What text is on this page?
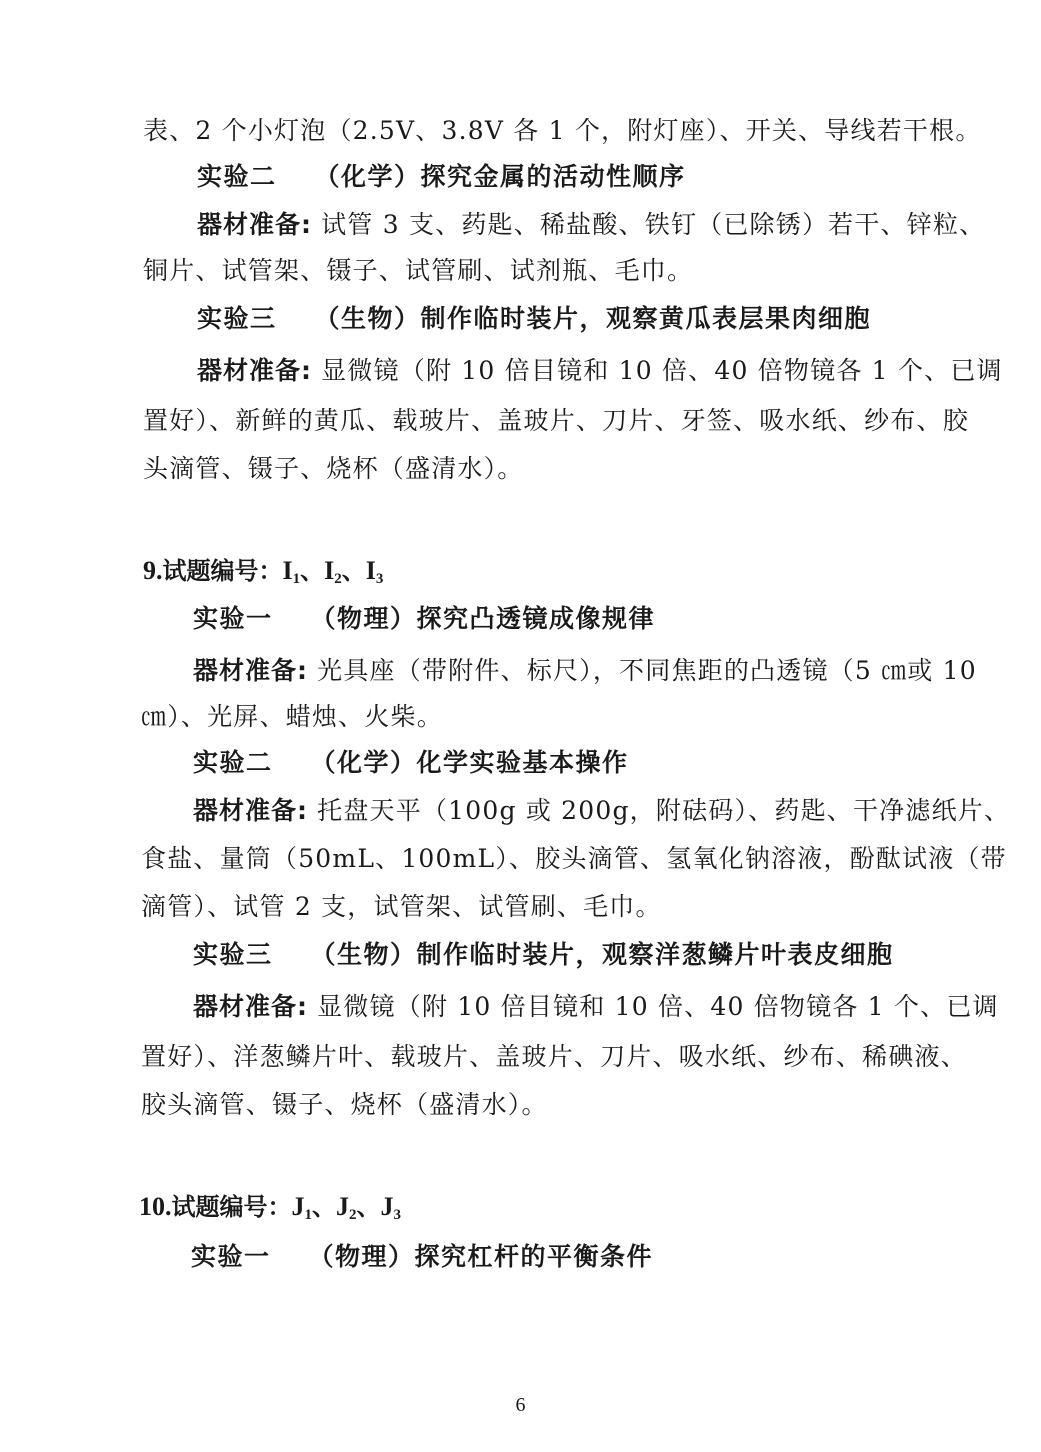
表、2 个小灯泡（2.5V、3.8V 各 1 个，附灯座）、开关、导线若干根。
实验二 （化学）探究金属的活动性顺序
器材准备: 试管 3 支、药匙、稀盐酸、铁钉（已除锈）若干、锌粒、
铜片、试管架、镊子、试管刷、试剂瓶、毛巾。
实验三 （生物）制作临时装片，观察黄瓜表层果肉细胞
器材准备: 显微镜（附 10 倍目镜和 10 倍、40 倍物镜各 1 个、已调
置好）、新鲜的黄瓜、载玻片、盖玻片、刀片、牙签、吸水纸、纱布、胶
头滴管、镊子、烧杯（盛清水）。
9.试题编号：$I_1$、$I_2$、$I_3$
实验一 （物理）探究凸透镜成像规律
器材准备: 光具座（带附件、标尺），不同焦距的凸透镜（5 ㎝或 10
㎝）、光屏、蜡烛、火柴。
实验二 （化学）化学实验基本操作
器材准备: 托盘天平（100g 或 200g，附砝码）、药匙、干净滤纸片、
食盐、量筒（50mL、100mL）、胶头滴管、氢氧化钠溶液，酚酞试液（带
滴管）、试管 2 支，试管架、试管刷、毛巾。
实验三 （生物）制作临时装片，观察洋葱鳞片叶表皮细胞
器材准备: 显微镜（附 10 倍目镜和 10 倍、40 倍物镜各 1 个、已调
置好）、洋葱鳞片叶、载玻片、盖玻片、刀片、吸水纸、纱布、稀碘液、
胶头滴管、镊子、烧杯（盛清水）。
10.试题编号：$J_1$、$J_2$、$J_3$
实验一 （物理）探究杠杆的平衡条件
6
